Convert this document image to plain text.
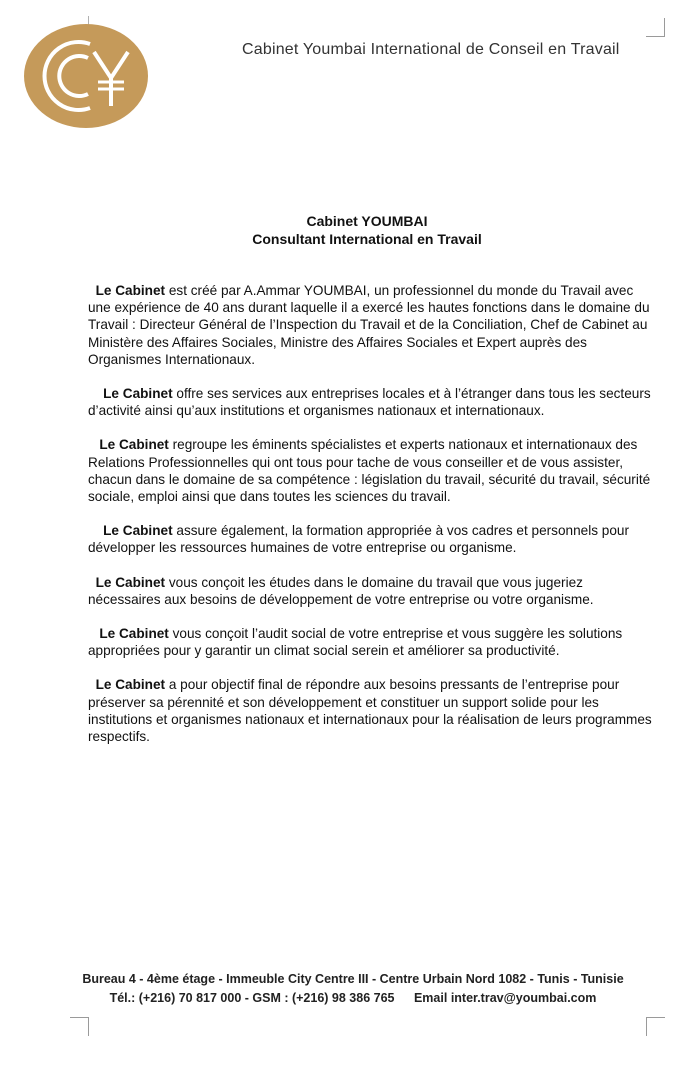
Cabinet Youmbai International de Conseil en Travail
Cabinet YOUMBAI
Consultant International en Travail

Le Cabinet est créé par A.Ammar YOUMBAI, un professionnel du monde du Travail avec une expérience de 40 ans durant laquelle il a exercé les hautes fonctions dans le domaine du Travail : Directeur Général de l’Inspection du Travail et de la Conciliation, Chef de Cabinet au Ministère des Affaires Sociales, Ministre des Affaires Sociales et Expert auprès des Organismes Internationaux.

Le Cabinet offre ses services aux entreprises locales et à l’étranger dans tous les secteurs d’activité ainsi qu’aux institutions et organismes nationaux et internationaux.

Le Cabinet regroupe les éminents spécialistes et experts nationaux et internationaux des Relations Professionnelles qui ont tous pour tache de vous conseiller et de vous assister, chacun dans le domaine de sa compétence : législation du travail, sécurité du travail, sécurité sociale, emploi ainsi que dans toutes les sciences du travail.

Le Cabinet assure également, la formation appropriée à vos cadres et personnels pour développer les ressources humaines de votre entreprise ou organisme.

Le Cabinet vous conçoit les études dans le domaine du travail que vous jugeriez nécessaires aux besoins de développement de votre entreprise ou votre organisme.

Le Cabinet vous conçoit l’audit social de votre entreprise et vous suggère les solutions appropriées pour y garantir un climat social serein et améliorer sa productivité.

Le Cabinet a pour objectif final de répondre aux besoins pressants de l’entreprise pour préserver sa pérennité et son développement et constituer un support solide pour les institutions et organismes nationaux et internationaux pour la réalisation de leurs programmes respectifs.

Bureau 4 - 4ème étage - Immeuble City Centre III - Centre Urbain Nord 1082 - Tunis - Tunisie
Tél.: (+216) 70 817 000 - GSM : (+216) 98 386 765 Email inter.trav@youmbai.com
